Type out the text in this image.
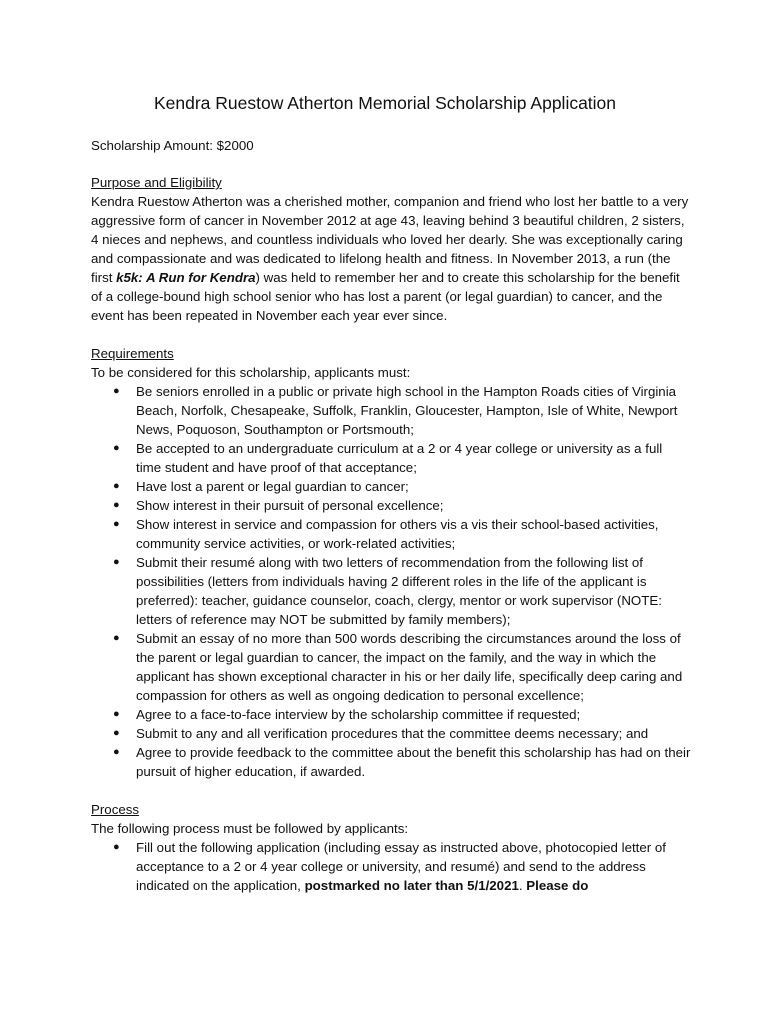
Kendra Ruestow Atherton Memorial Scholarship Application

Scholarship Amount: $2000

Purpose and Eligibility

Kendra Ruestow Atherton was a cherished mother, companion and friend who lost her battle to a very aggressive form of cancer in November 2012 at age 43, leaving behind 3 beautiful children, 2 sisters, 4 nieces and nephews, and countless individuals who loved her dearly. She was exceptionally caring and compassionate and was dedicated to lifelong health and fitness. In November 2013, a run (the first k5k: A Run for Kendra) was held to remember her and to create this scholarship for the benefit of a college-bound high school senior who has lost a parent (or legal guardian) to cancer, and the event has been repeated in November each year ever since.

Requirements

To be considered for this scholarship, applicants must:

● Be seniors enrolled in a public or private high school in the Hampton Roads cities of Virginia Beach, Norfolk, Chesapeake, Suffolk, Franklin, Gloucester, Hampton, Isle of White, Newport News, Poquoson, Southampton or Portsmouth;
● Be accepted to an undergraduate curriculum at a 2 or 4 year college or university as a full time student and have proof of that acceptance;
● Have lost a parent or legal guardian to cancer;
● Show interest in their pursuit of personal excellence;
● Show interest in service and compassion for others vis a vis their school-based activities, community service activities, or work-related activities;
● Submit their resumé along with two letters of recommendation from the following list of possibilities (letters from individuals having 2 different roles in the life of the applicant is preferred): teacher, guidance counselor, coach, clergy, mentor or work supervisor (NOTE: letters of reference may NOT be submitted by family members);
● Submit an essay of no more than 500 words describing the circumstances around the loss of the parent or legal guardian to cancer, the impact on the family, and the way in which the applicant has shown exceptional character in his or her daily life, specifically deep caring and compassion for others as well as ongoing dedication to personal excellence;
● Agree to a face-to-face interview by the scholarship committee if requested;
● Submit to any and all verification procedures that the committee deems necessary; and
● Agree to provide feedback to the committee about the benefit this scholarship has had on their pursuit of higher education, if awarded.

Process

The following process must be followed by applicants:

● Fill out the following application (including essay as instructed above, photocopied letter of acceptance to a 2 or 4 year college or university, and resumé) and send to the address indicated on the application, postmarked no later than 5/1/2021. Please do
